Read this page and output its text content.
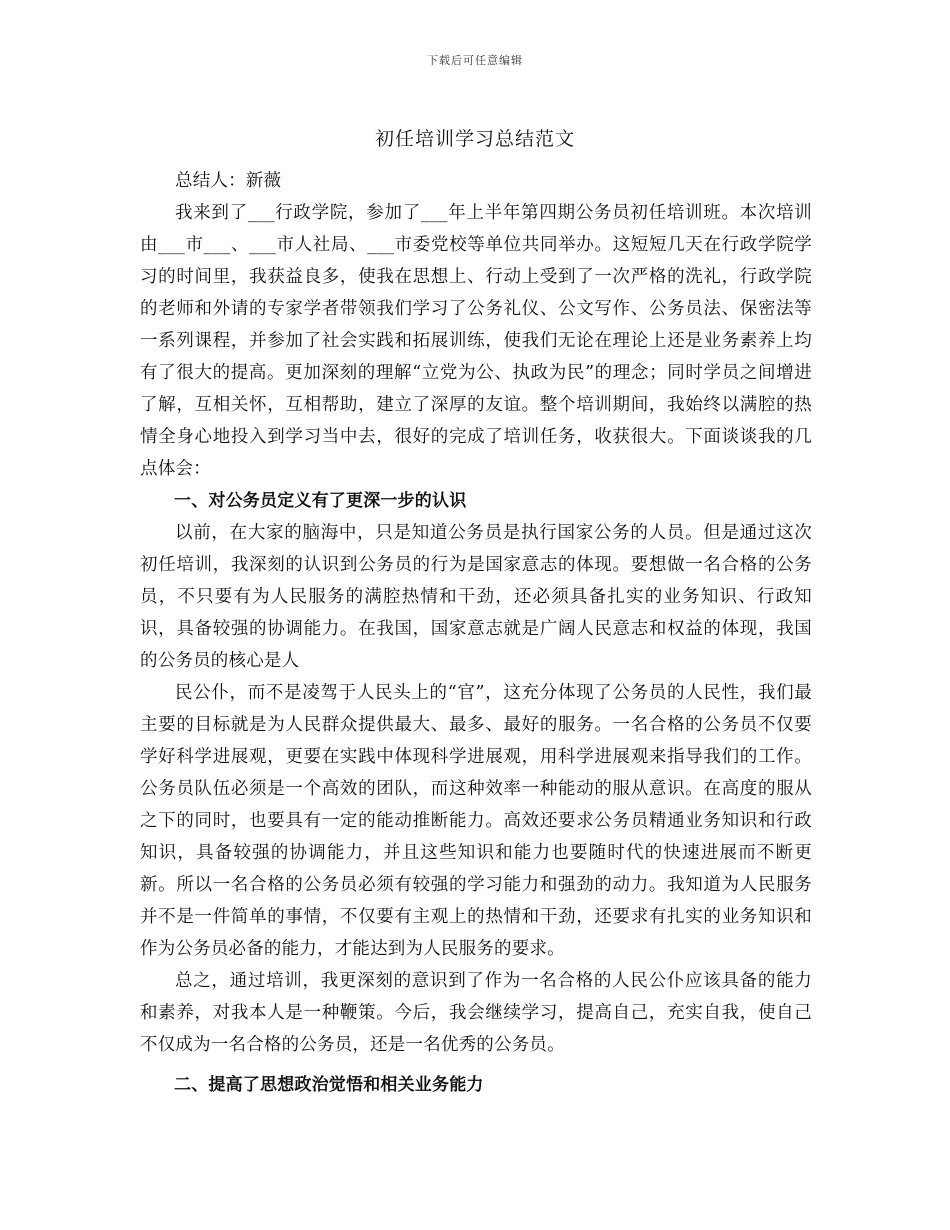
下载后可任意编辑
初任培训学习总结范文

总结人：新薇

我来到了___行政学院，参加了___年上半年第四期公务员初任培训班。本次培训由___市___、___市人社局、___市委党校等单位共同举办。这短短几天在行政学院学习的时间里，我获益良多，使我在思想上、行动上受到了一次严格的洗礼，行政学院的老师和外请的专家学者带领我们学习了公务礼仪、公文写作、公务员法、保密法等一系列课程，并参加了社会实践和拓展训练，使我们无论在理论上还是业务素养上均有了很大的提高。更加深刻的理解“立党为公、执政为民”的理念；同时学员之间增进了解，互相关怀，互相帮助，建立了深厚的友谊。整个培训期间，我始终以满腔的热情全身心地投入到学习当中去，很好的完成了培训任务，收获很大。下面谈谈我的几点体会：

一、对公务员定义有了更深一步的认识

以前，在大家的脑海中，只是知道公务员是执行国家公务的人员。但是通过这次初任培训，我深刻的认识到公务员的行为是国家意志的体现。要想做一名合格的公务员，不只要有为人民服务的满腔热情和干劲，还必须具备扎实的业务知识、行政知识，具备较强的协调能力。在我国，国家意志就是广阔人民意志和权益的体现，我国的公务员的核心是人

民公仆，而不是凌驾于人民头上的“官”，这充分体现了公务员的人民性，我们最主要的目标就是为人民群众提供最大、最多、最好的服务。一名合格的公务员不仅要学好科学进展观，更要在实践中体现科学进展观，用科学进展观来指导我们的工作。公务员队伍必须是一个高效的团队，而这种效率一种能动的服从意识。在高度的服从之下的同时，也要具有一定的能动推断能力。高效还要求公务员精通业务知识和行政知识，具备较强的协调能力，并且这些知识和能力也要随时代的快速进展而不断更新。所以一名合格的公务员必须有较强的学习能力和强劲的动力。我知道为人民服务并不是一件简单的事情，不仅要有主观上的热情和干劲，还要求有扎实的业务知识和作为公务员必备的能力，才能达到为人民服务的要求。

总之，通过培训，我更深刻的意识到了作为一名合格的人民公仆应该具备的能力和素养，对我本人是一种鞭策。今后，我会继续学习，提高自己，充实自我，使自己不仅成为一名合格的公务员，还是一名优秀的公务员。

二、提高了思想政治觉悟和相关业务能力
